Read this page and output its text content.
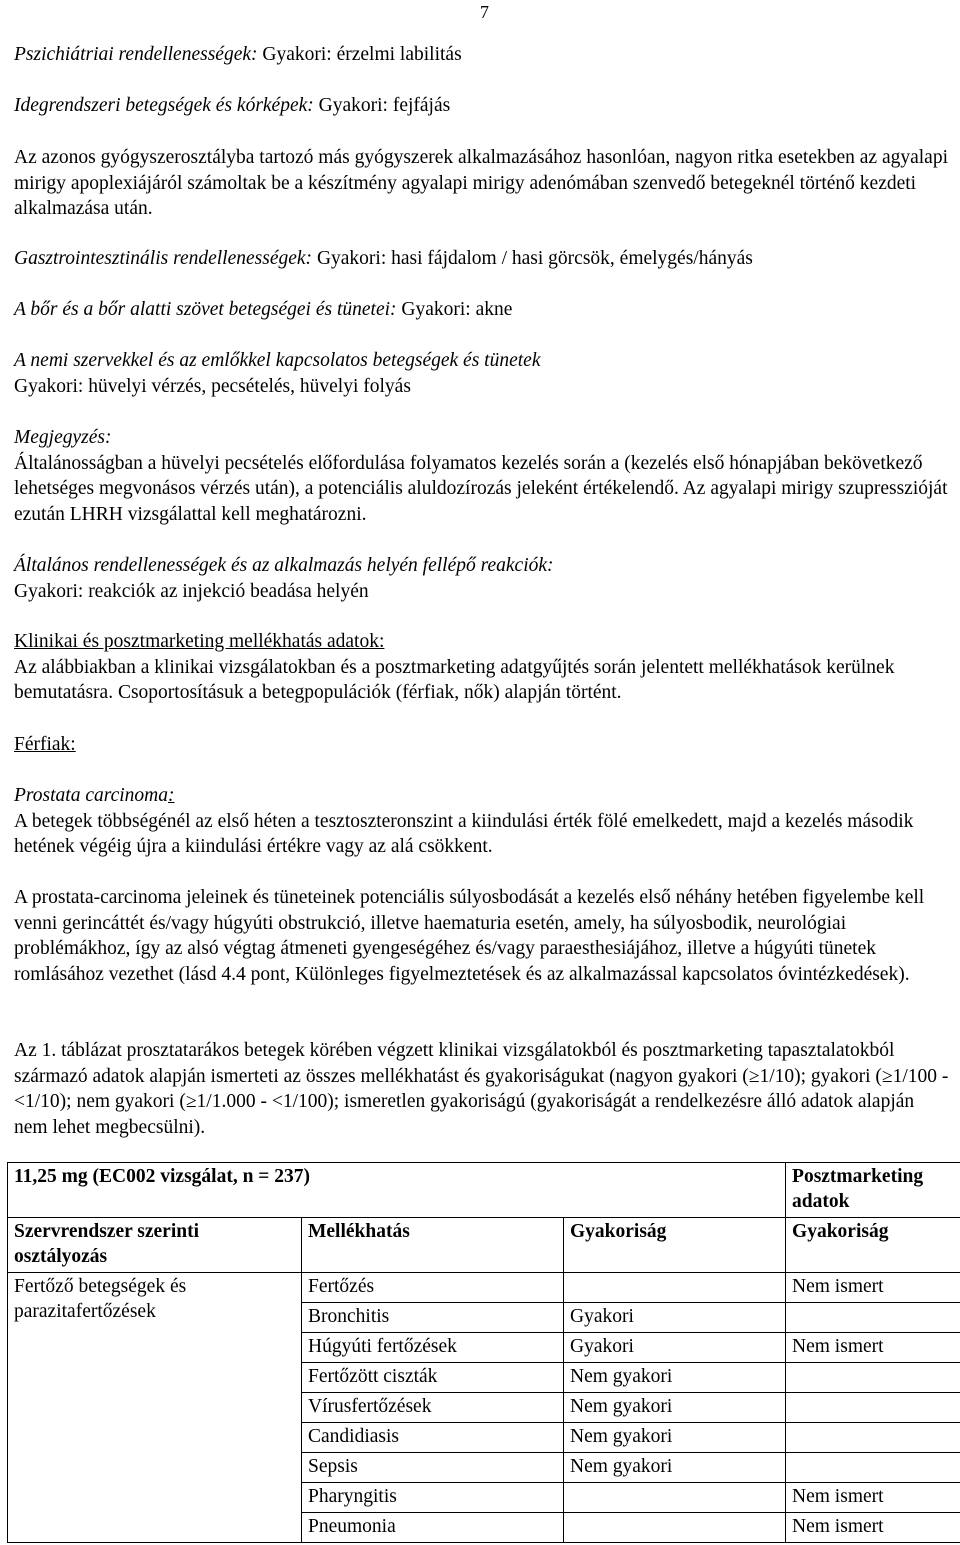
7

Pszichiátriai rendellenességek: Gyakori: érzelmi labilitás

Idegrendszeri betegségek és kórképek: Gyakori: fejfájás

Az azonos gyógyszerosztályba tartozó más gyógyszerek alkalmazásához hasonlóan, nagyon ritka esetekben az agyalapi mirigy apoplexiájáról számoltak be a készítmény agyalapi mirigy adenómában szenvedő betegeknél történő kezdeti alkalmazása után.

Gasztrointesztinális rendellenességek: Gyakori: hasi fájdalom / hasi görcsök, émelygés/hányás

A bőr és a bőr alatti szövet betegségei és tünetei: Gyakori: akne

A nemi szervekkel és az emlőkkel kapcsolatos betegségek és tünetek
Gyakori: hüvelyi vérzés, pecsételés, hüvelyi folyás

Megjegyzés:
Általánosságban a hüvelyi pecsételés előfordulása folyamatos kezelés során a (kezelés első hónapjában bekövetkező lehetséges megvonásos vérzés után), a potenciális aluldozírozás jeleként értékelendő. Az agyalapi mirigy szupresszióját ezután LHRH vizsgálattal kell meghatározni.

Általános rendellenességek és az alkalmazás helyén fellépő reakciók:
Gyakori: reakciók az injekció beadása helyén

Klinikai és posztmarketing mellékhatás adatok:
Az alábbiakban a klinikai vizsgálatokban és a posztmarketing adatgyűjtés során jelentett mellékhatások kerülnek bemutatásra. Csoportosításuk a betegpopulációk (férfiak, nők) alapján történt.

Férfiak:

Prostata carcinoma:
A betegek többségénél az első héten a tesztoszteronszint a kiindulási érték fölé emelkedett, majd a kezelés második hetének végéig újra a kiindulási értékre vagy az alá csökkent.

A prostata-carcinoma jeleinek és tüneteinek potenciális súlyosbodását a kezelés első néhány hetében figyelembe kell venni gerincáttét és/vagy húgyúti obstrukció, illetve haematuria esetén, amely, ha súlyosbodik, neurológiai problémákhoz, így az alsó végtag átmeneti gyengeségéhez és/vagy paraesthesiájához, illetve a húgyúti tünetek romlásához vezethet (lásd 4.4 pont, Különleges figyelmeztetések és az alkalmazással kapcsolatos óvintézkedések).

Az 1. táblázat prosztatarákos betegek körében végzett klinikai vizsgálatokból és posztmarketing tapasztalatokból származó adatok alapján ismerteti az összes mellékhatást és gyakoriságukat (nagyon gyakori (≥1/10); gyakori (≥1/100 - <1/10); nem gyakori (≥1/1.000 - <1/100); ismeretlen gyakoriságú (gyakoriságát a rendelkezésre álló adatok alapján nem lehet megbecsülni).

11,25 mg (EC002 vizsgálat, n = 237)			Posztmarketing adatok
Szervrendszer szerinti osztályozás	Mellékhatás	Gyakoriság	Gyakoriság
Fertőző betegségek és parazitafertőzések	Fertőzés		Nem ismert
	Bronchitis	Gyakori	
	Húgyúti fertőzések	Gyakori	Nem ismert
	Fertőzött ciszták	Nem gyakori	
	Vírusfertőzések	Nem gyakori	
	Candidiasis	Nem gyakori	
	Sepsis	Nem gyakori	
	Pharyngitis		Nem ismert
	Pneumonia		Nem ismert
